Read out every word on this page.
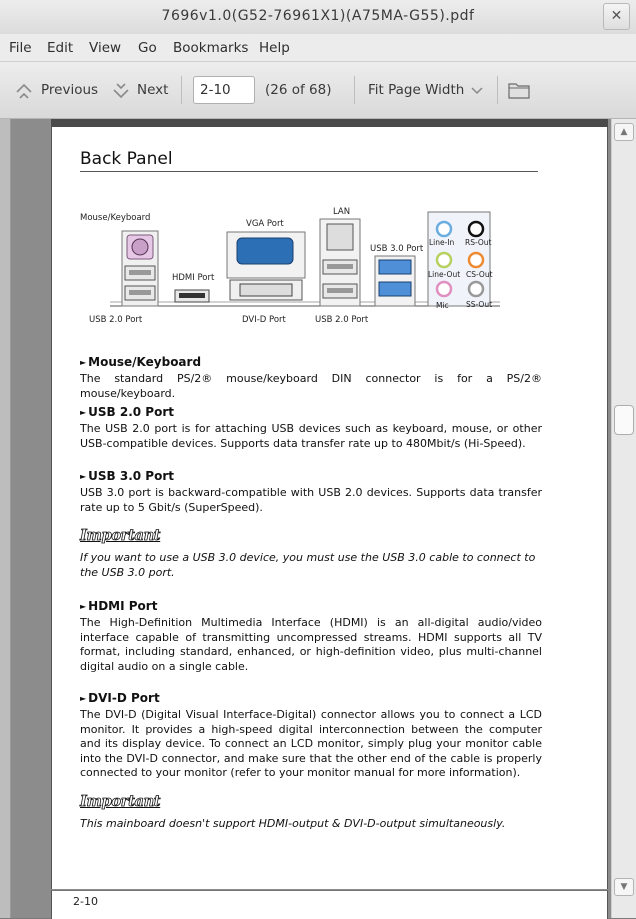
7696v1.0(G52-76961X1)(A75MA-G55).pdf	✕
File Edit View Go Bookmarks Help
Previous	Next
2-10	(26 of 68)	Fit Page Width
Back Panel
Mouse/Keyboard
HDMI Port
VGA Port
LAN
USB 3.0 Port
Line-In RS-Out
Line-Out CS-Out
Mic SS-Out
USB 2.0 Port	DVI-D Port	USB 2.0 Port
► Mouse/Keyboard
The standard PS/2® mouse/keyboard DIN connector is for a PS/2® mouse/keyboard.
► USB 2.0 Port
The USB 2.0 port is for attaching USB devices such as keyboard, mouse, or other USB-compatible devices. Supports data transfer rate up to 480Mbit/s (Hi-Speed).
► USB 3.0 Port
USB 3.0 port is backward-compatible with USB 2.0 devices. Supports data transfer rate up to 5 Gbit/s (SuperSpeed).
Important
If you want to use a USB 3.0 device, you must use the USB 3.0 cable to connect to the USB 3.0 port.
► HDMI Port
The High-Definition Multimedia Interface (HDMI) is an all-digital audio/video interface capable of transmitting uncompressed streams. HDMI supports all TV format, including standard, enhanced, or high-definition video, plus multi-channel digital audio on a single cable.
► DVI-D Port
The DVI-D (Digital Visual Interface-Digital) connector allows you to connect a LCD monitor. It provides a high-speed digital interconnection between the computer and its display device. To connect an LCD monitor, simply plug your monitor cable into the DVI-D connector, and make sure that the other end of the cable is properly connected to your monitor (refer to your monitor manual for more information).
Important
This mainboard doesn't support HDMI-output & DVI-D-output simultaneously.
2-10
▲
▼
